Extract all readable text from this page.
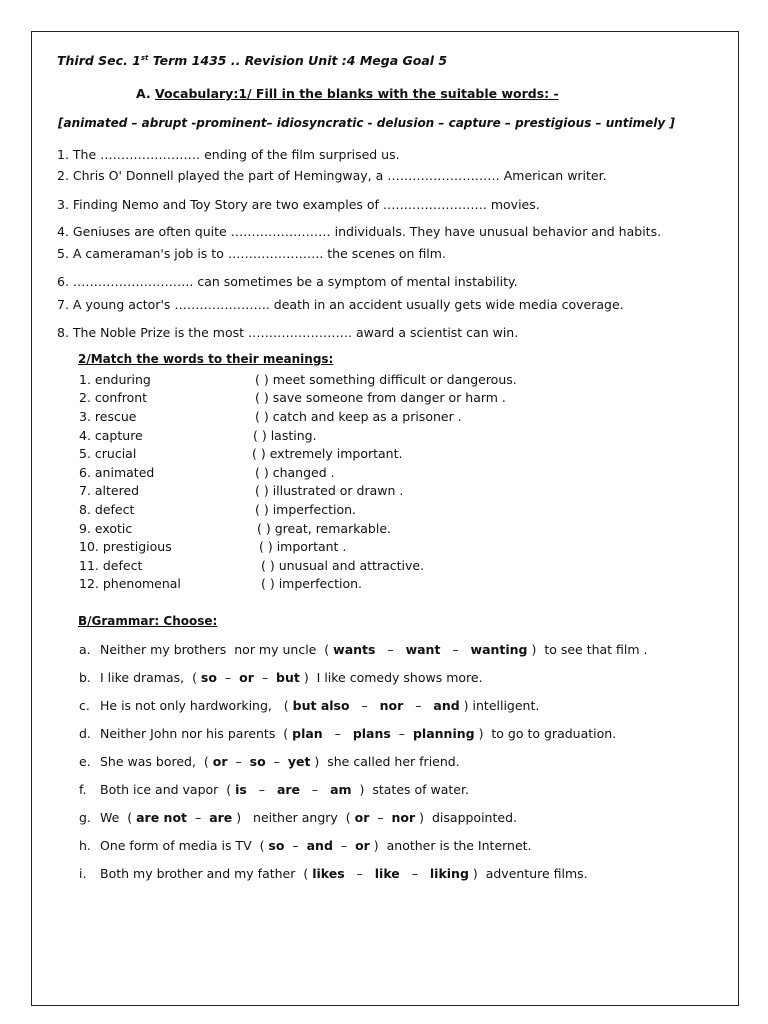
Third Sec. 1st Term 1435 .. Revision Unit :4 Mega Goal 5
A. Vocabulary:1/ Fill in the blanks with the suitable words: -
[animated – abrupt -prominent– idiosyncratic - delusion – capture – prestigious – untimely ]
1. The …………………… ending of the film surprised us.
2. Chris O' Donnell played the part of Hemingway, a ……………………… American writer.
3. Finding Nemo and Toy Story are two examples of ……………………. movies.
4. Geniuses are often quite …………………… individuals. They have unusual behavior and habits.
5. A cameraman's job is to ………………….. the scenes on film.
6. ……………………….. can sometimes be a symptom of mental instability.
7. A young actor's ………………….. death in an accident usually gets wide media coverage.
8. The Noble Prize is the most ……………………. award a scientist can win.
2/Match the words to their meanings:
1. enduring	( ) meet something difficult or dangerous.
2. confront	( ) save someone from danger or harm .
3. rescue	( ) catch and keep as a prisoner .
4. capture	( ) lasting.
5. crucial	( ) extremely important.
6. animated	( ) changed .
7. altered	( ) illustrated or drawn .
8. defect	( ) imperfection.
9. exotic	( ) great, remarkable.
10. prestigious	( ) important .
11. defect	( ) unusual and attractive.
12. phenomenal	( ) imperfection.
B/Grammar: Choose:
a. Neither my brothers  nor my uncle  ( wants   –   want   –   wanting )  to see that film .
b. I like dramas,  ( so  –  or  –  but )  I like comedy shows more.
c. He is not only hardworking,   ( but also   –   nor   –   and ) intelligent.
d. Neither John nor his parents  ( plan   –   plans  –  planning )  to go to graduation.
e. She was bored,  ( or  –  so  –  yet )  she called her friend.
f. Both ice and vapor  ( is   –   are   –   am  )  states of water.
g. We  ( are not  –  are )   neither angry  ( or  –  nor )  disappointed.
h. One form of media is TV  ( so  –  and  –  or )  another is the Internet.
i. Both my brother and my father  ( likes   –   like   –   liking )  adventure films.
